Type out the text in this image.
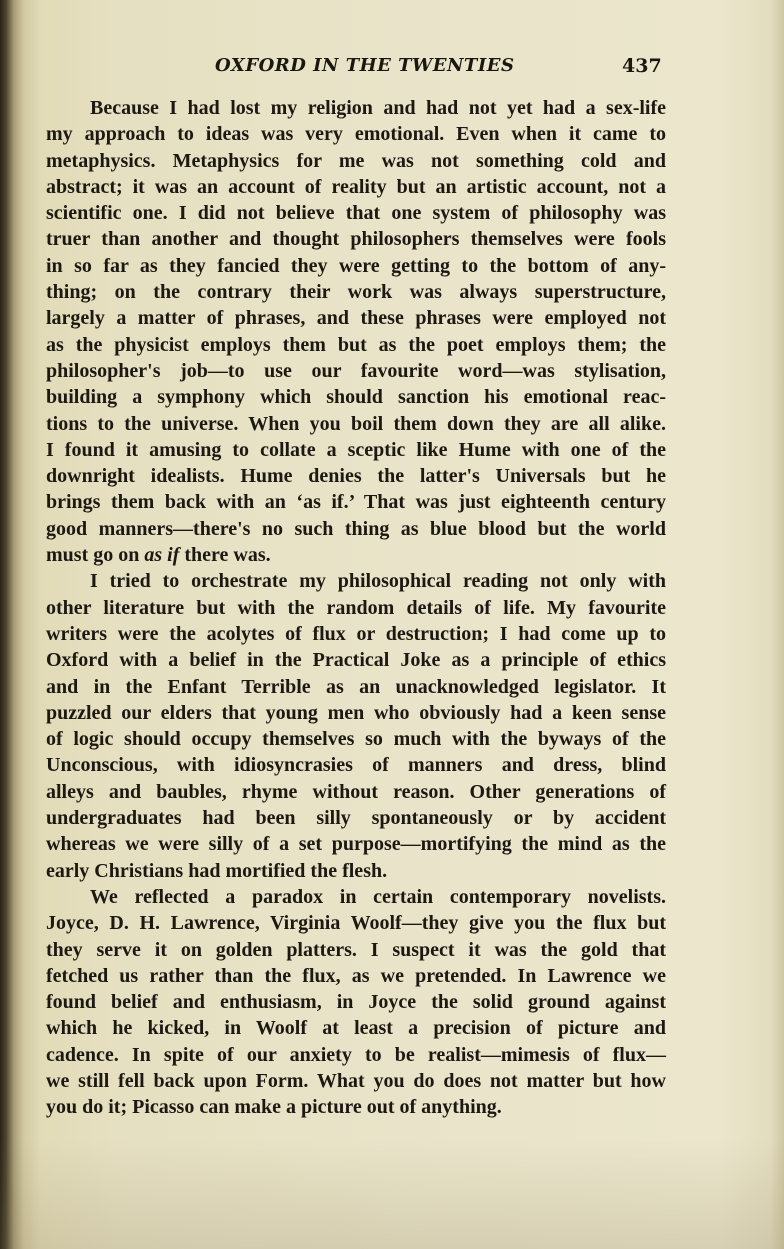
OXFORD IN THE TWENTIES	437
Because I had lost my religion and had not yet had a sex-life
my approach to ideas was very emotional. Even when it came to
metaphysics. Metaphysics for me was not something cold and
abstract; it was an account of reality but an artistic account, not a
scientific one. I did not believe that one system of philosophy was
truer than another and thought philosophers themselves were fools
in so far as they fancied they were getting to the bottom of any-
thing; on the contrary their work was always superstructure,
largely a matter of phrases, and these phrases were employed not
as the physicist employs them but as the poet employs them; the
philosopher's job—to use our favourite word—was stylisation,
building a symphony which should sanction his emotional reac-
tions to the universe. When you boil them down they are all alike.
I found it amusing to collate a sceptic like Hume with one of the
downright idealists. Hume denies the latter's Universals but he
brings them back with an ‘as if.’ That was just eighteenth century
good manners—there's no such thing as blue blood but the world
must go on as if there was.
I tried to orchestrate my philosophical reading not only with
other literature but with the random details of life. My favourite
writers were the acolytes of flux or destruction; I had come up to
Oxford with a belief in the Practical Joke as a principle of ethics
and in the Enfant Terrible as an unacknowledged legislator. It
puzzled our elders that young men who obviously had a keen sense
of logic should occupy themselves so much with the byways of the
Unconscious, with idiosyncrasies of manners and dress, blind
alleys and baubles, rhyme without reason. Other generations of
undergraduates had been silly spontaneously or by accident
whereas we were silly of a set purpose—mortifying the mind as the
early Christians had mortified the flesh.
We reflected a paradox in certain contemporary novelists.
Joyce, D. H. Lawrence, Virginia Woolf—they give you the flux but
they serve it on golden platters. I suspect it was the gold that
fetched us rather than the flux, as we pretended. In Lawrence we
found belief and enthusiasm, in Joyce the solid ground against
which he kicked, in Woolf at least a precision of picture and
cadence. In spite of our anxiety to be realist—mimesis of flux—
we still fell back upon Form. What you do does not matter but how
you do it; Picasso can make a picture out of anything.
